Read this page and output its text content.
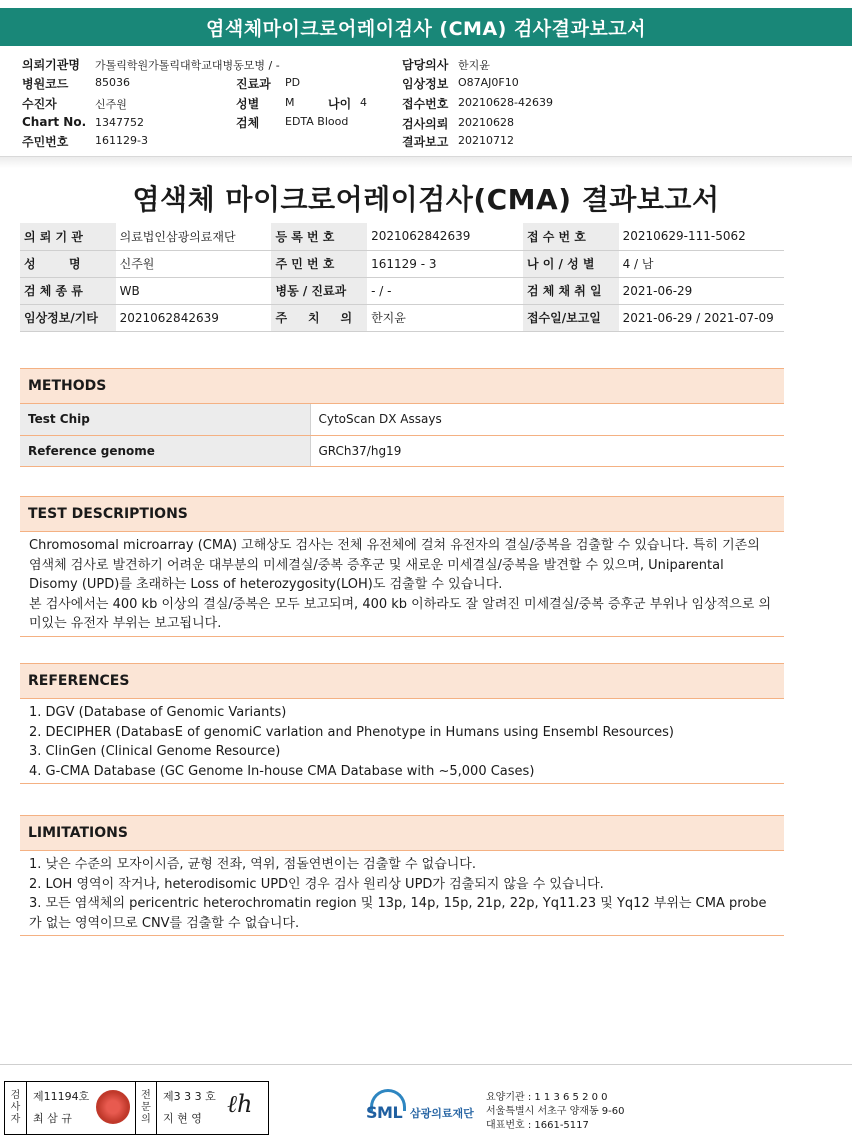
염색체마이크로어레이검사 (CMA) 검사결과보고서
의뢰기관명 가톨릭학원가톨릭대학교대병동모병 / -
병원코드 85036
수진자	신주원
Chart No. 1347752
주민번호 161129-3
진료과 PD
성별 M	나이 4
검체 EDTA Blood
담당의사 한지윤
임상정보 O87AJ0F10
접수번호 20210628-42639
검사의뢰 20210628
결과보고 20210712
염색체 마이크로어레이검사(CMA) 결과보고서
의 뢰 기 관	의료법인삼광의료재단	등 록 번 호	2021062842639	접 수 번 호	20210629-111-5062
성        명	신주원	주 민 번 호	161129 - 3	나 이 / 성 별	4 / 남
검 체 종 류	WB	병동 / 진료과	- / -	검 체 채 취 일	2021-06-29
임상정보/기타	2021062842639	주     치     의	한지윤	접수일/보고일	2021-06-29 / 2021-07-09
METHODS
Test Chip	CytoScan DX Assays
Reference genome	GRCh37/hg19
TEST DESCRIPTIONS
Chromosomal microarray (CMA) 고해상도 검사는 전체 유전체에 걸쳐 유전자의 결실/중복을 검출할 수 있습니다. 특히 기존의 염색체 검사로 발견하기 어려운 대부분의 미세결실/중복 증후군 및 새로운 미세결실/중복을 발견할 수 있으며, Uniparental Disomy (UPD)를 초래하는 Loss of heterozygosity(LOH)도 검출할 수 있습니다.
본 검사에서는 400 kb 이상의 결실/중복은 모두 보고되며, 400 kb 이하라도 잘 알려진 미세결실/중복 증후군 부위나 임상적으로 의미있는 유전자 부위는 보고됩니다.
REFERENCES
1. DGV (Database of Genomic Variants)
2. DECIPHER (DatabasE of genomiC varIation and Phenotype in Humans using Ensembl Resources)
3. ClinGen (Clinical Genome Resource)
4. G-CMA Database (GC Genome In-house CMA Database with ~5,000 Cases)
LIMITATIONS
1. 낮은 수준의 모자이시즘, 균형 전좌, 역위, 점돌연변이는 검출할 수 없습니다.
2. LOH 영역이 작거나, heterodisomic UPD인 경우 검사 원리상 UPD가 검출되지 않을 수 있습니다.
3. 모든 염색체의 pericentric heterochromatin region 및 13p, 14p, 15p, 21p, 22p, Yq11.23 및 Yq12 부위는 CMA probe가 없는 영역이므로 CNV를 검출할 수 없습니다.
검
사
자
제11194호
최 삼 규
전
문
의
제3 3 3 호
지 현 영
ℓh	SML 삼광의료재단
요양기관 : 1 1 3 6 5 2 0 0
서울특별시 서초구 양재동 9-60
대표번호 : 1661-5117
